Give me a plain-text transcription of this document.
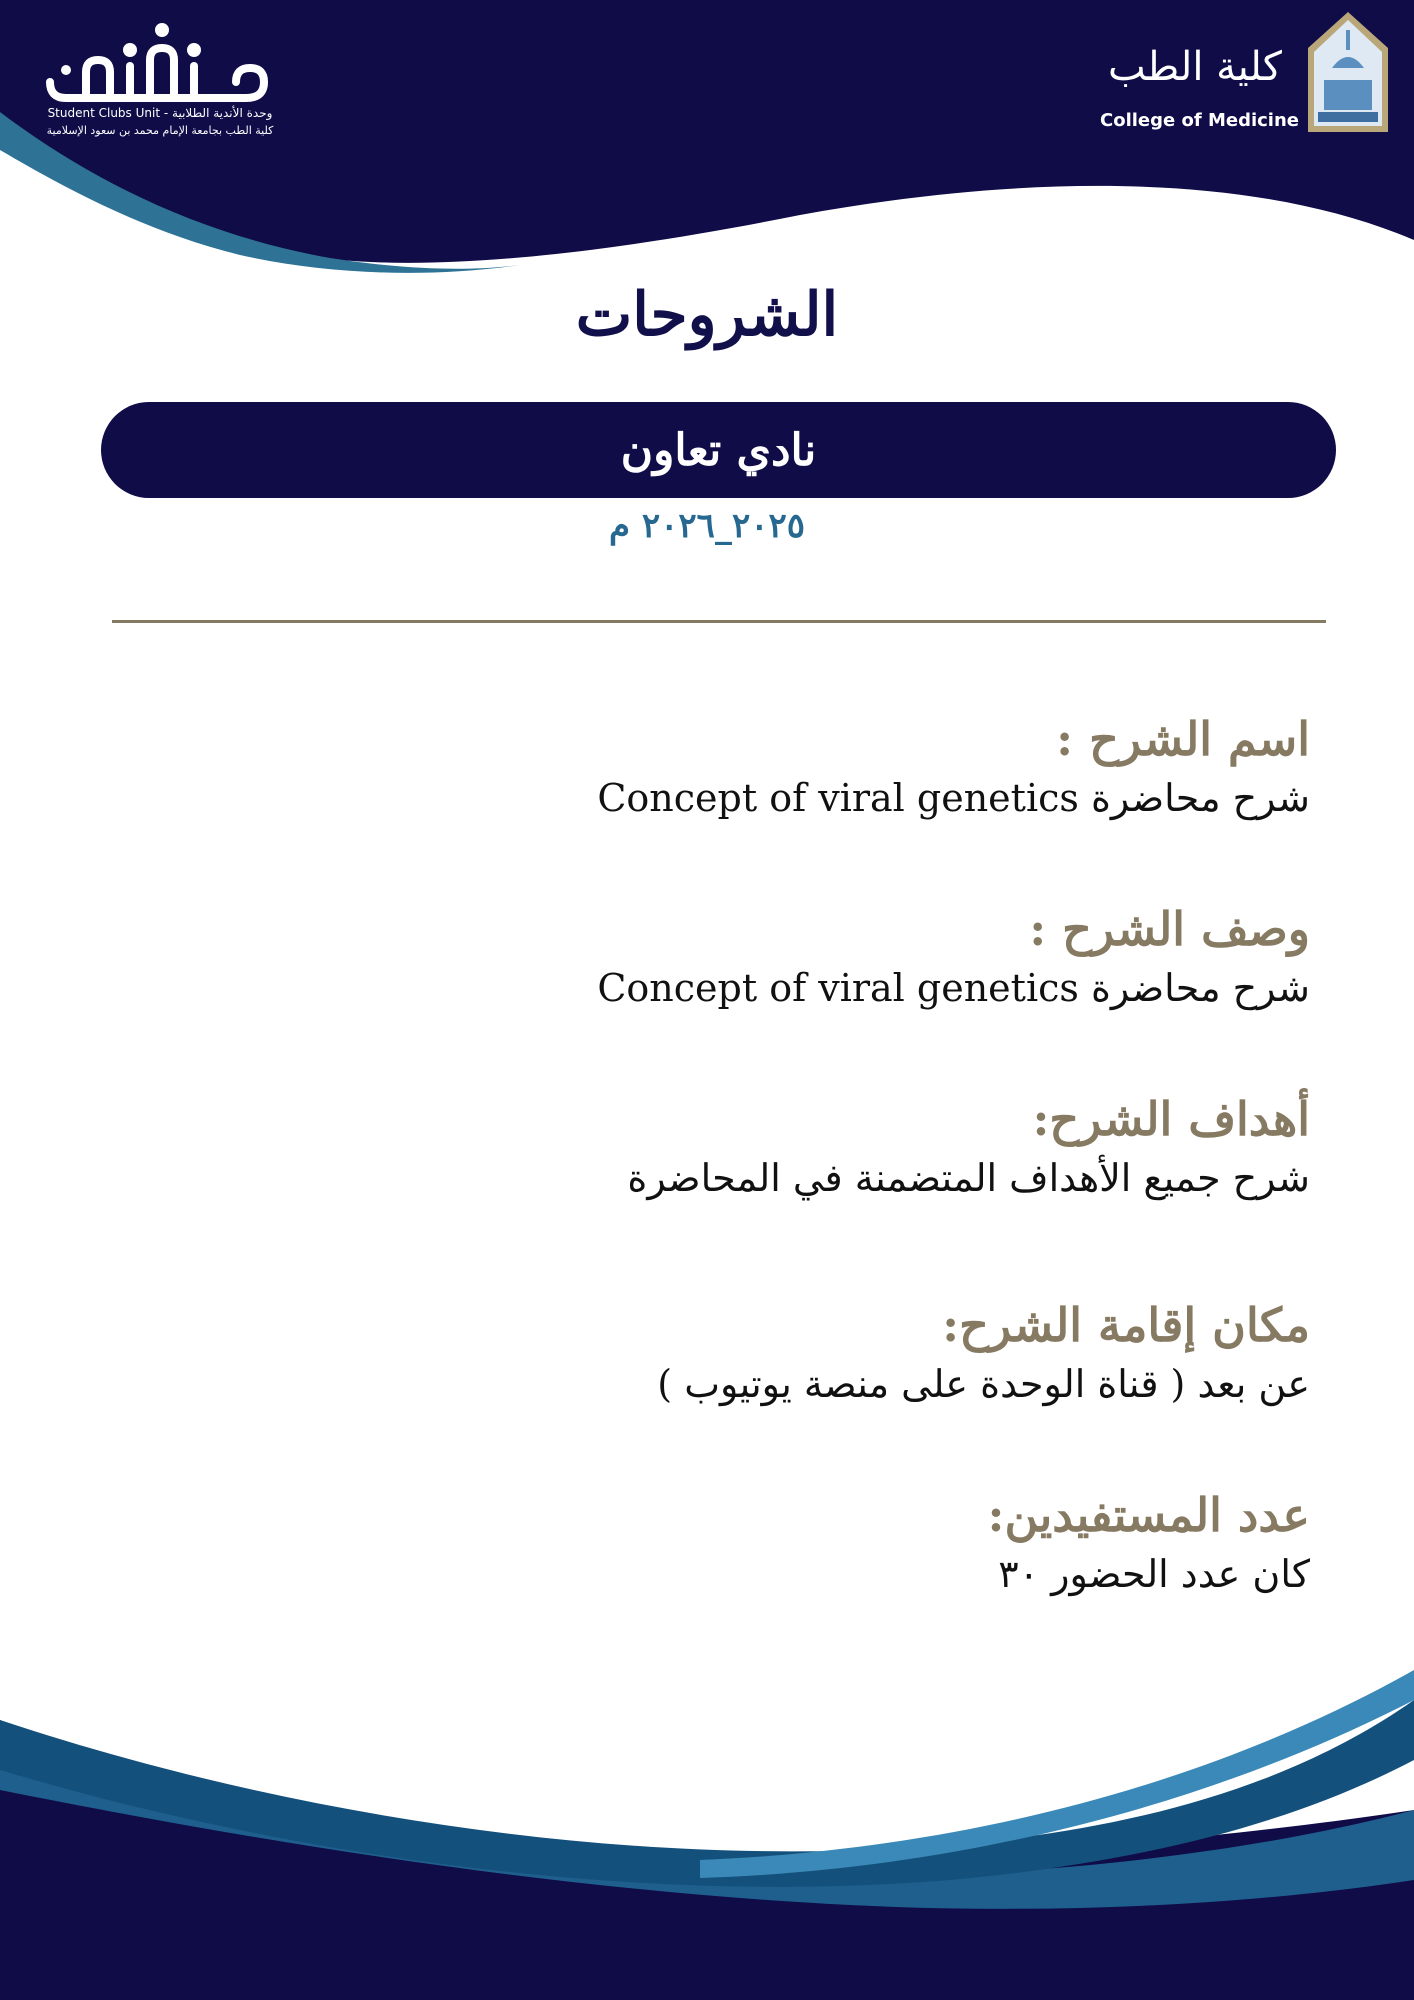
Student Clubs Unit - وحدة الأندية الطلابية
كلية الطب بجامعة الإمام محمد بن سعود الإسلامية
كلية الطب
College of Medicine
الشروحات
نادي تعاون
٢٠٢٥_٢٠٢٦ م
اسم الشرح :
شرح محاضرة Concept of viral genetics
وصف الشرح :
شرح محاضرة Concept of viral genetics
أهداف الشرح:
شرح جميع الأهداف المتضمنة في المحاضرة
مكان إقامة الشرح:
عن بعد ( قناة الوحدة على منصة يوتيوب )
عدد المستفيدين:
كان عدد الحضور ٣٠
